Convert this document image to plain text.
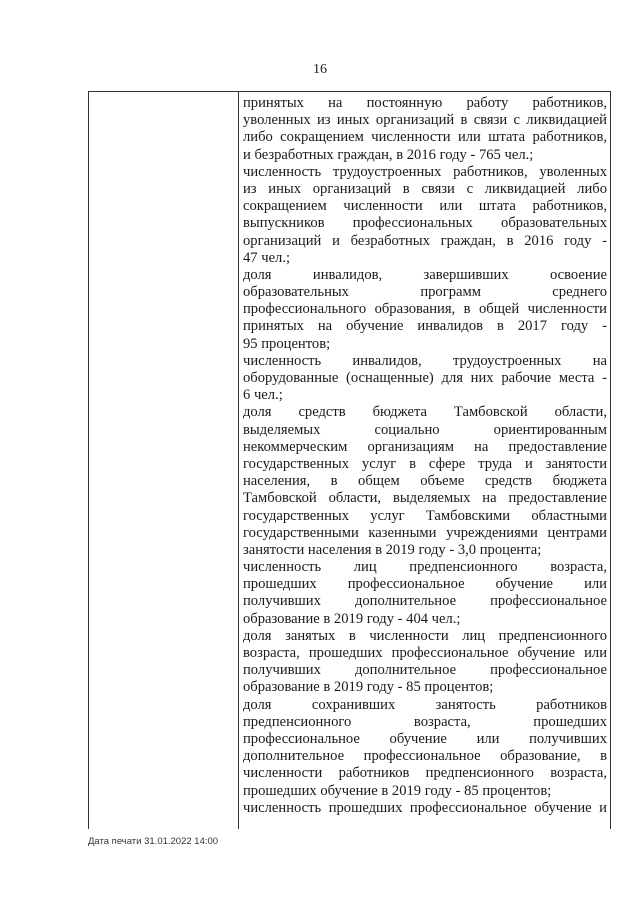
16
принятых на постоянную работу работников,
уволенных из иных организаций в связи с ликвидацией
либо сокращением численности или штата работников,
и безработных граждан, в 2016 году - 765 чел.;
численность трудоустроенных работников, уволенных
из иных организаций в связи с ликвидацией либо
сокращением численности или штата работников,
выпускников профессиональных образовательных
организаций и безработных граждан, в 2016 году -
47 чел.;
доля инвалидов, завершивших освоение
образовательных программ среднего
профессионального образования, в общей численности
принятых на обучение инвалидов в 2017 году -
95 процентов;
численность инвалидов, трудоустроенных на
оборудованные (оснащенные) для них рабочие места -
6 чел.;
доля средств бюджета Тамбовской области,
выделяемых социально ориентированным
некоммерческим организациям на предоставление
государственных услуг в сфере труда и занятости
населения, в общем объеме средств бюджета
Тамбовской области, выделяемых на предоставление
государственных услуг Тамбовскими областными
государственными казенными учреждениями центрами
занятости населения в 2019 году - 3,0 процента;
численность лиц предпенсионного возраста,
прошедших профессиональное обучение или
получивших дополнительное профессиональное
образование в 2019 году - 404 чел.;
доля занятых в численности лиц предпенсионного
возраста, прошедших профессиональное обучение или
получивших дополнительное профессиональное
образование в 2019 году - 85 процентов;
доля сохранивших занятость работников
предпенсионного возраста, прошедших
профессиональное обучение или получивших
дополнительное профессиональное образование, в
численности работников предпенсионного возраста,
прошедших обучение в 2019 году - 85 процентов;
численность прошедших профессиональное обучение и
Дата печати 31.01.2022 14:00
